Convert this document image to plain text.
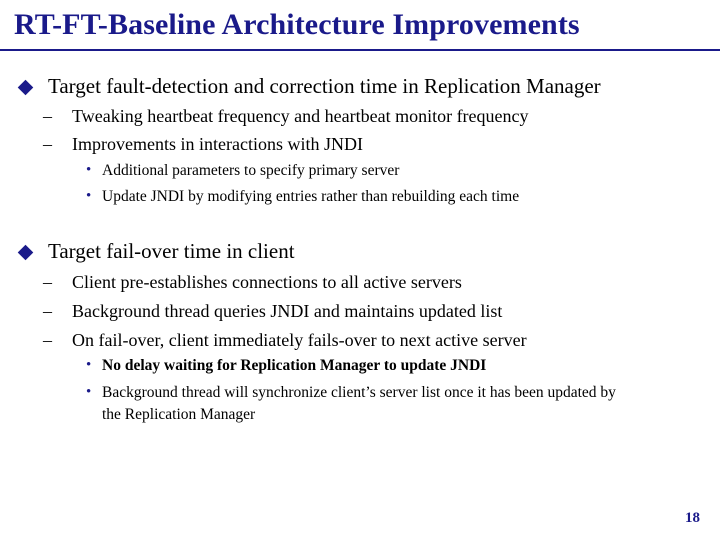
RT-FT-Baseline Architecture Improvements
Target fault-detection and correction time in Replication Manager
– Tweaking heartbeat frequency and heartbeat monitor frequency
– Improvements in interactions with JNDI
• Additional parameters to specify primary server
• Update JNDI by modifying entries rather than rebuilding each time
Target fail-over time in client
– Client pre-establishes connections to all active servers
– Background thread queries JNDI and maintains updated list
– On fail-over, client immediately fails-over to next active server
• No delay waiting for Replication Manager to update JNDI
• Background thread will synchronize client’s server list once it has been updated by
the Replication Manager
18
